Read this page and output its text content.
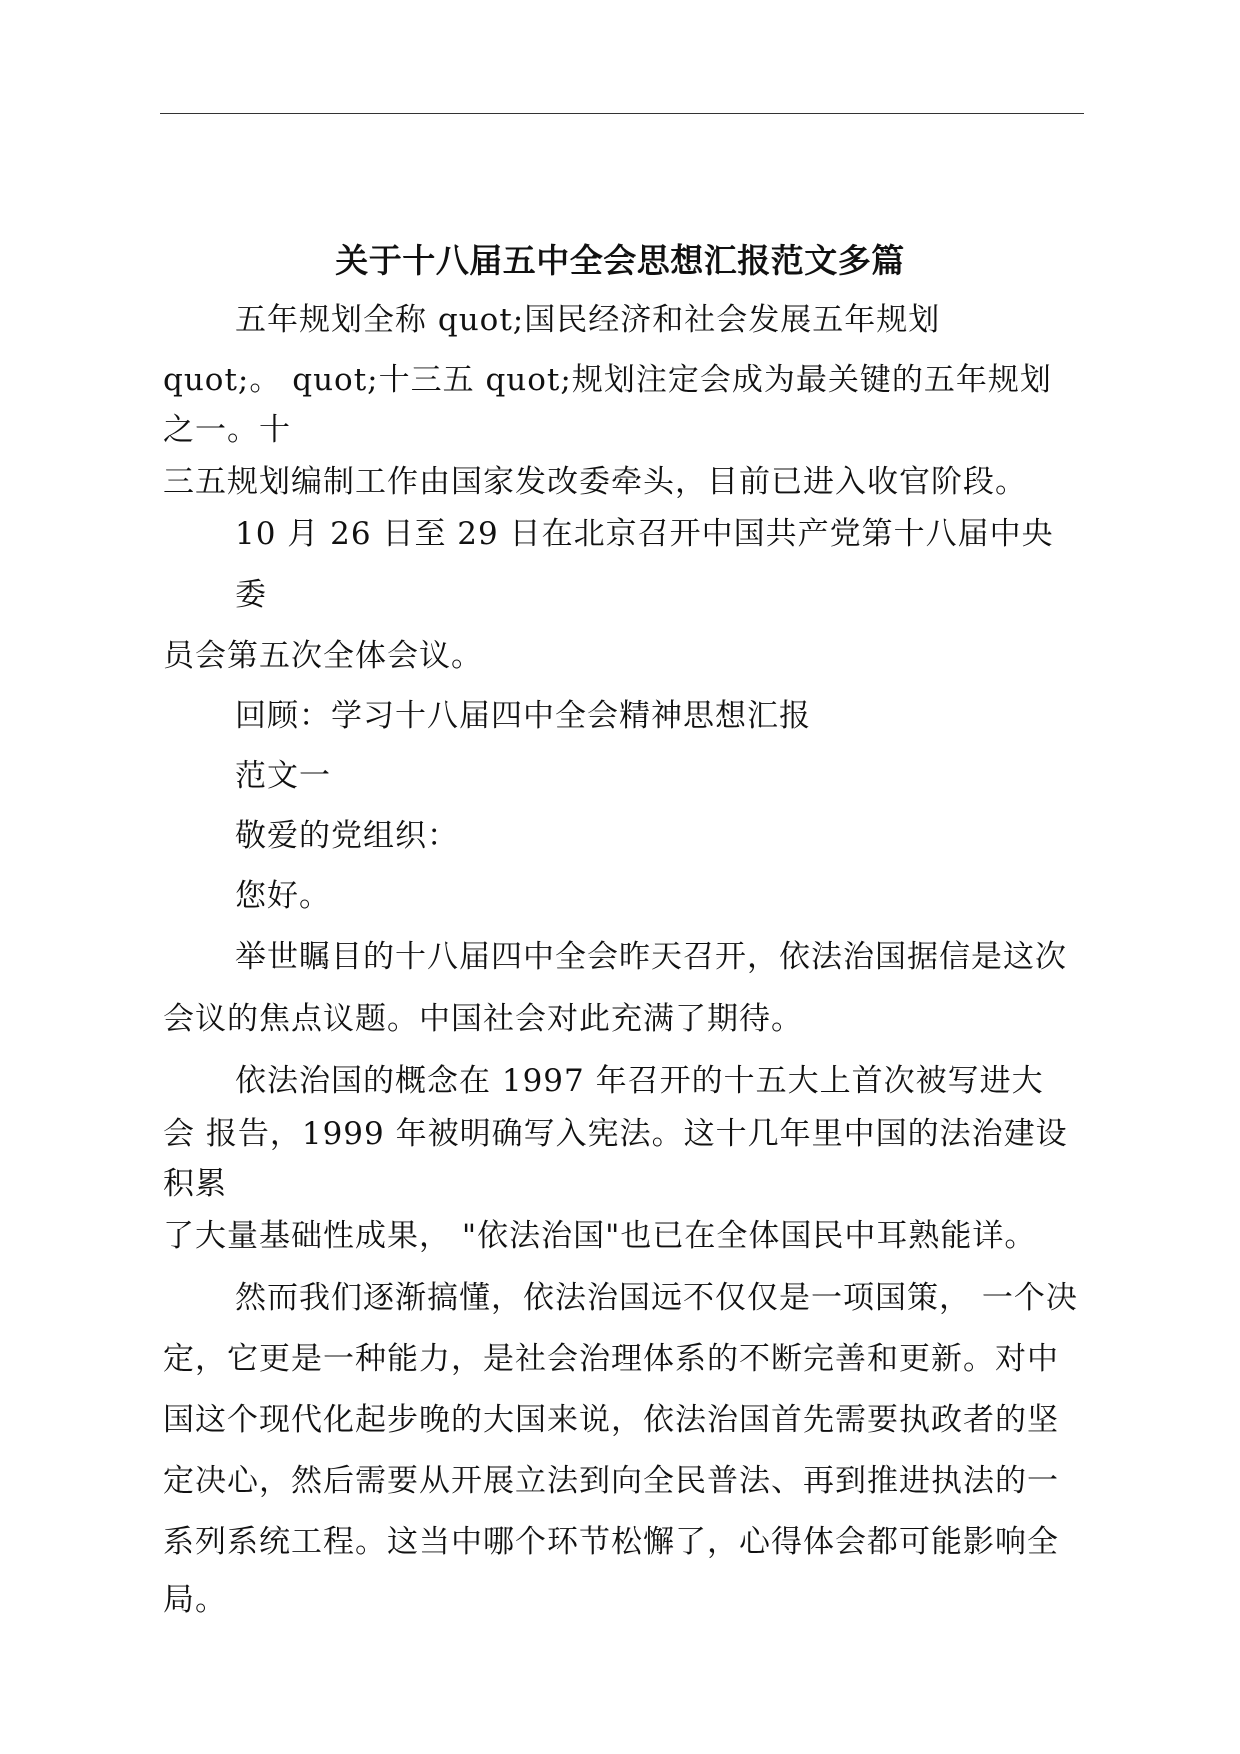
关于十八届五中全会思想汇报范文多篇

五年规划全称 quot;国民经济和社会发展五年规划

quot;。 quot;十三五 quot;规划注定会成为最关键的五年规划

之一。十

三五规划编制工作由国家发改委牵头，目前已进入收官阶段。

10 月 26 日至 29 日在北京召开中国共产党第十八届中央

委

员会第五次全体会议。

回顾：学习十八届四中全会精神思想汇报

范文一

敬爱的党组织：

您好。

举世瞩目的十八届四中全会昨天召开，依法治国据信是这次

会议的焦点议题。中国社会对此充满了期待。

依法治国的概念在 1997 年召开的十五大上首次被写进大

会 报告，1999 年被明确写入宪法。这十几年里中国的法治建设

积累

了大量基础性成果， "依法治国"也已在全体国民中耳熟能详。

然而我们逐渐搞懂，依法治国远不仅仅是一项国策， 一个决

定，它更是一种能力，是社会治理体系的不断完善和更新。对中

国这个现代化起步晚的大国来说，依法治国首先需要执政者的坚

定决心，然后需要从开展立法到向全民普法、再到推进执法的一

系列系统工程。这当中哪个环节松懈了，心得体会都可能影响全

局。
